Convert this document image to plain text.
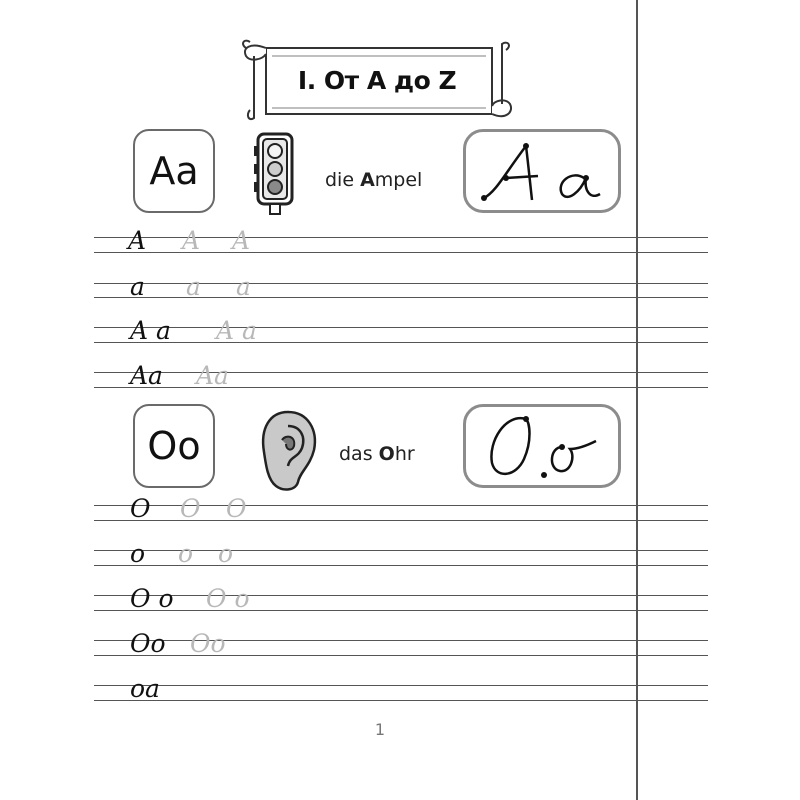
I. От А до Z
Aa	die Ampel
Oo	das Ohr
A A A
a a a
A a A a
Aa Aa
O O O
o o o
O o O o
Oo Oo
oa
1
